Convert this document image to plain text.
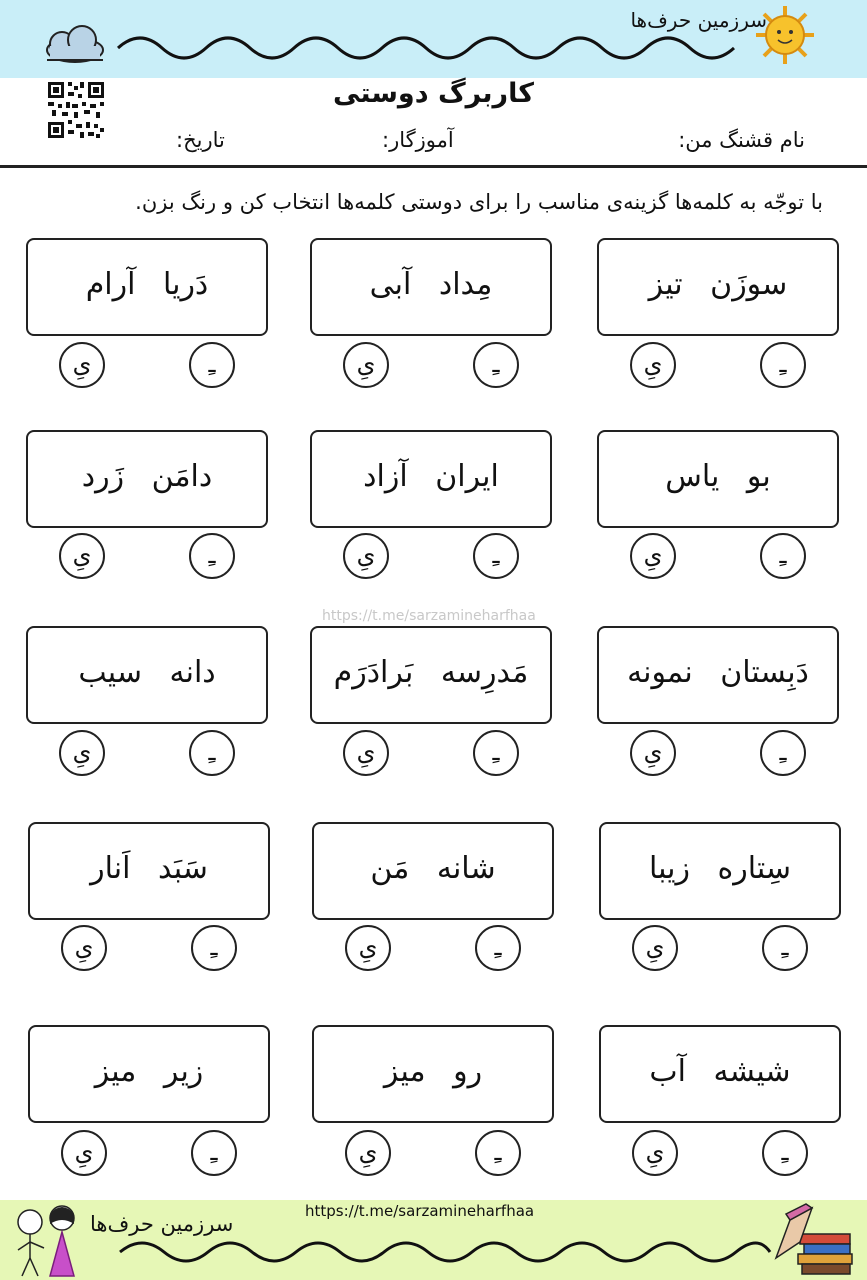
سرزمین حرف‌ها
کاربرگ دوستی
نام قشنگ من:
آموزگار:
تاریخ:
با توجّه به کلمه‌ها گزینه‌ی مناسب را برای دوستی کلمه‌ها انتخاب کن و رنگ بزن.
https://t.me/sarzamineharfhaa
سوزَن تیز
مِداد آبی
دَریا آرام
ـِ
یِ
ـِ
یِ
ـِ
یِ
بو یاس
ایران آزاد
دامَن زَرد
ـِ
یِ
ـِ
یِ
ـِ
یِ
دَبِستان نمونه
مَدرِسه بَرادَرَم
دانه سیب
ـِ
یِ
ـِ
یِ
ـِ
یِ
سِتاره زیبا
شانه مَن
سَبَد اَنار
ـِ
یِ
ـِ
یِ
ـِ
یِ
شیشه آب
رو میز
زیر میز
ـِ
یِ
ـِ
یِ
ـِ
یِ
https://t.me/sarzamineharfhaa
سرزمین حرف‌ها
